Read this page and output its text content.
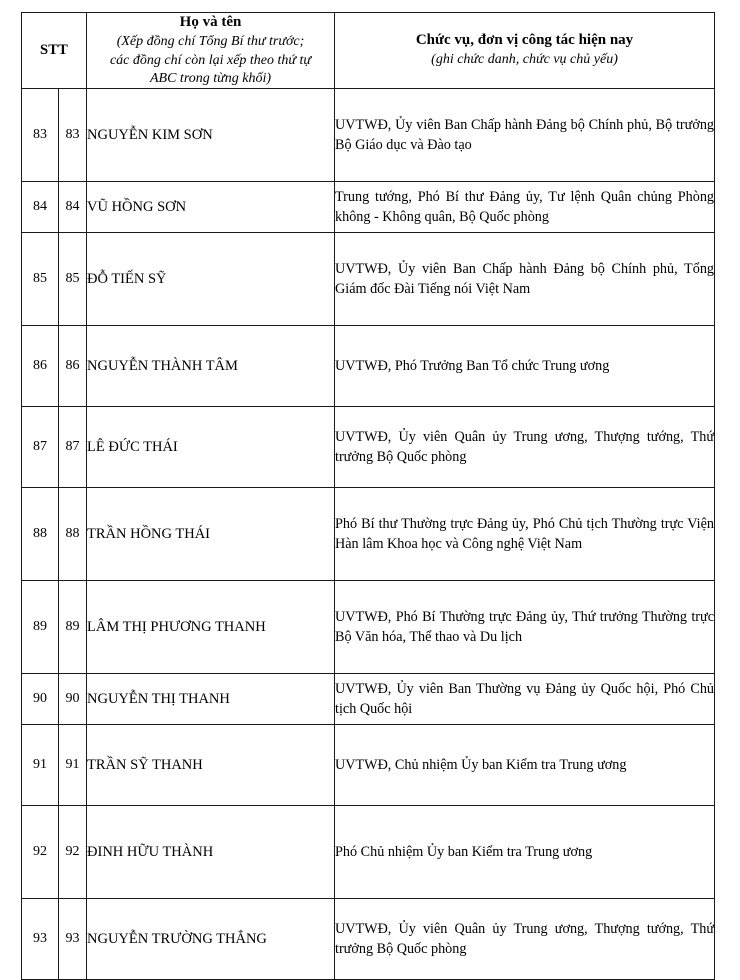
STT	
Họ và tên
(Xếp đồng chí Tổng Bí thư trước;
các đồng chí còn lại xếp theo thứ tự
ABC trong từng khối)

Chức vụ, đơn vị công tác hiện nay
(ghi chức danh, chức vụ chủ yếu)

83	83	NGUYỄN KIM SƠN	UVTWĐ, Ủy viên Ban Chấp hành Đảng bộ Chính phủ, Bộ trưởng Bộ Giáo dục và Đào tạo

84	84	VŨ HỒNG SƠN	Trung tướng, Phó Bí thư Đảng ủy, Tư lệnh Quân chủng Phòng không - Không quân, Bộ Quốc phòng

85	85	ĐỖ TIẾN SỸ	UVTWĐ, Ủy viên Ban Chấp hành Đảng bộ Chính phủ, Tổng Giám đốc Đài Tiếng nói Việt Nam

86	86	NGUYỄN THÀNH TÂM	UVTWĐ, Phó Trưởng Ban Tổ chức Trung ương

87	87	LÊ ĐỨC THÁI	UVTWĐ, Ủy viên Quân ủy Trung ương, Thượng tướng, Thứ trưởng Bộ Quốc phòng

88	88	TRẦN HỒNG THÁI	Phó Bí thư Thường trực Đảng ủy, Phó Chủ tịch Thường trực Viện Hàn lâm Khoa học và Công nghệ Việt Nam

89	89	LÂM THỊ PHƯƠNG THANH	UVTWĐ, Phó Bí Thường trực Đảng ủy, Thứ trưởng Thường trực Bộ Văn hóa, Thể thao và Du lịch

90	90	NGUYỄN THỊ THANH	UVTWĐ, Ủy viên Ban Thường vụ Đảng ủy Quốc hội, Phó Chủ tịch Quốc hội

91	91	TRẦN SỸ THANH	UVTWĐ, Chủ nhiệm Ủy ban Kiểm tra Trung ương

92	92	ĐINH HỮU THÀNH	Phó Chủ nhiệm Ủy ban Kiểm tra Trung ương

93	93	NGUYỄN TRƯỜNG THẮNG	UVTWĐ, Ủy viên Quân ủy Trung ương, Thượng tướng, Thứ trưởng Bộ Quốc phòng
